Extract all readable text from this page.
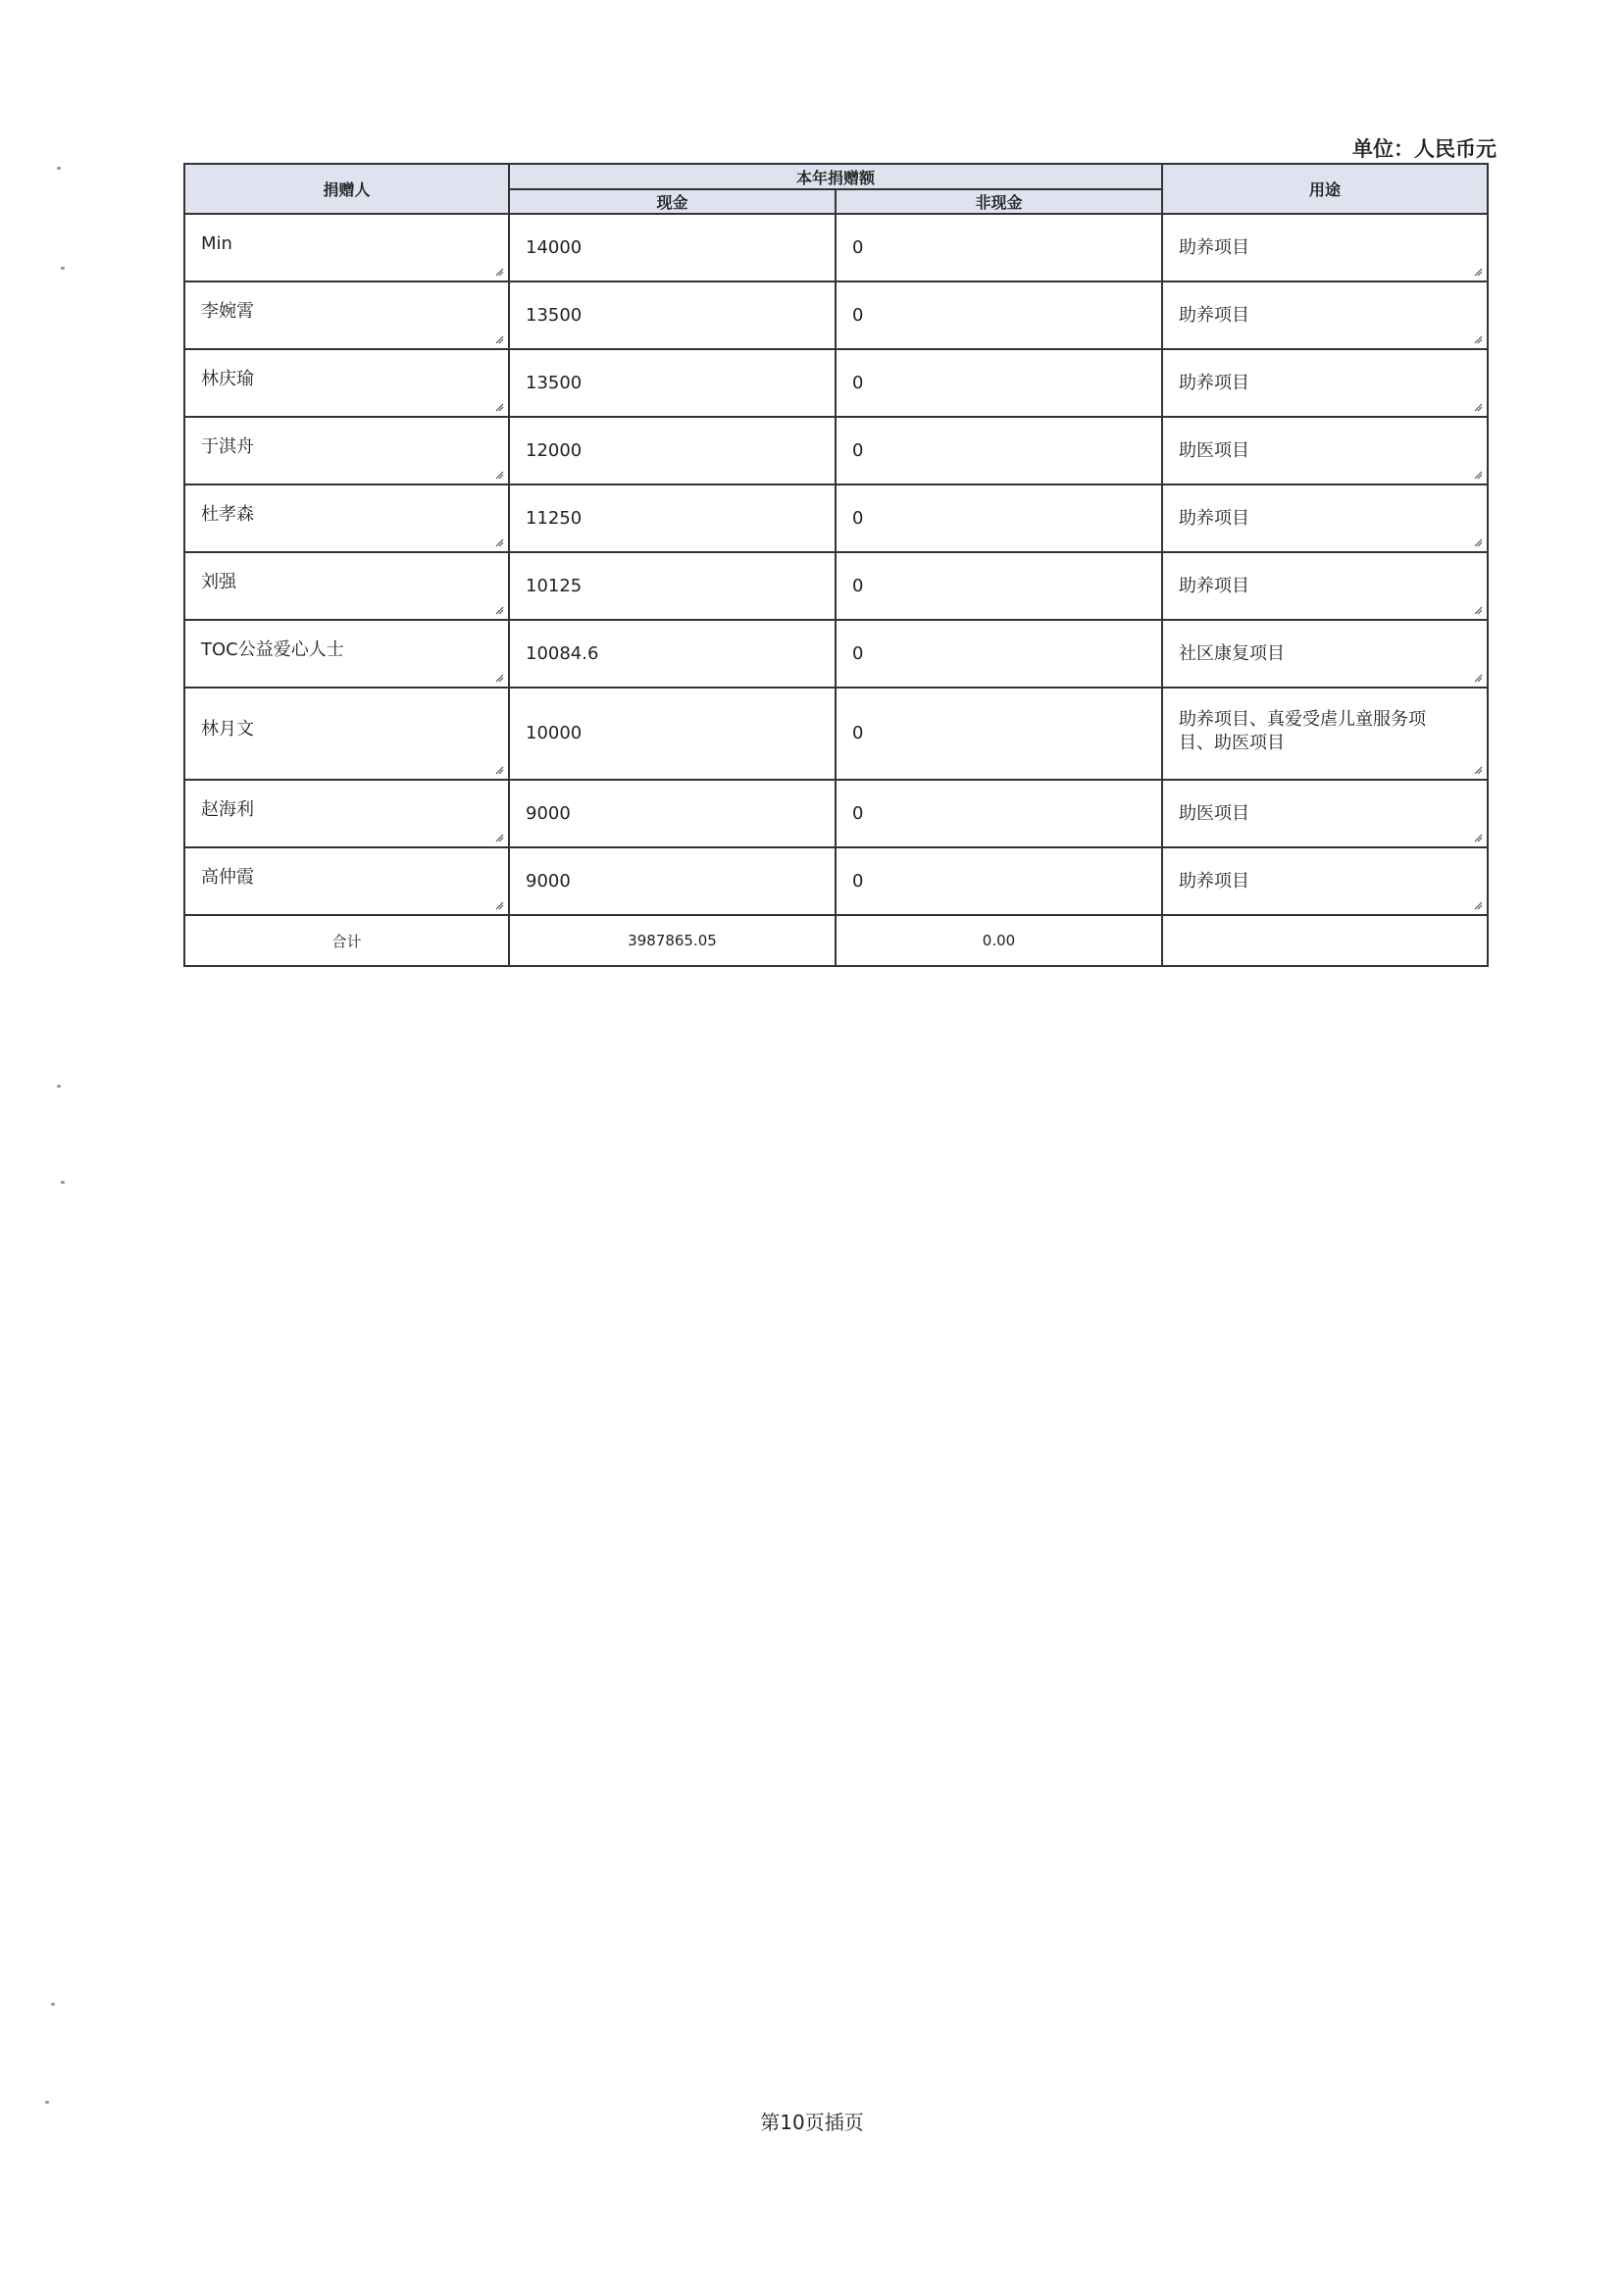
单位：人民币元
捐赠人	本年捐赠额		用途
	现金	非现金	

Min	14000	0	助养项目

李婉霄	13500	0	助养项目

林庆瑜	13500	0	助养项目

于淇舟	12000	0	助医项目

杜孝森	11250	0	助养项目

刘强	10125	0	助养项目

TOC公益爱心人士	10084.6	0	社区康复项目

林月文	10000	0	助养项目、真爱受虐儿童服务项目、助医项目

赵海利	9000	0	助医项目

高仲霞	9000	0	助养项目

合计	3987865.05	0.00	
第10页插页
